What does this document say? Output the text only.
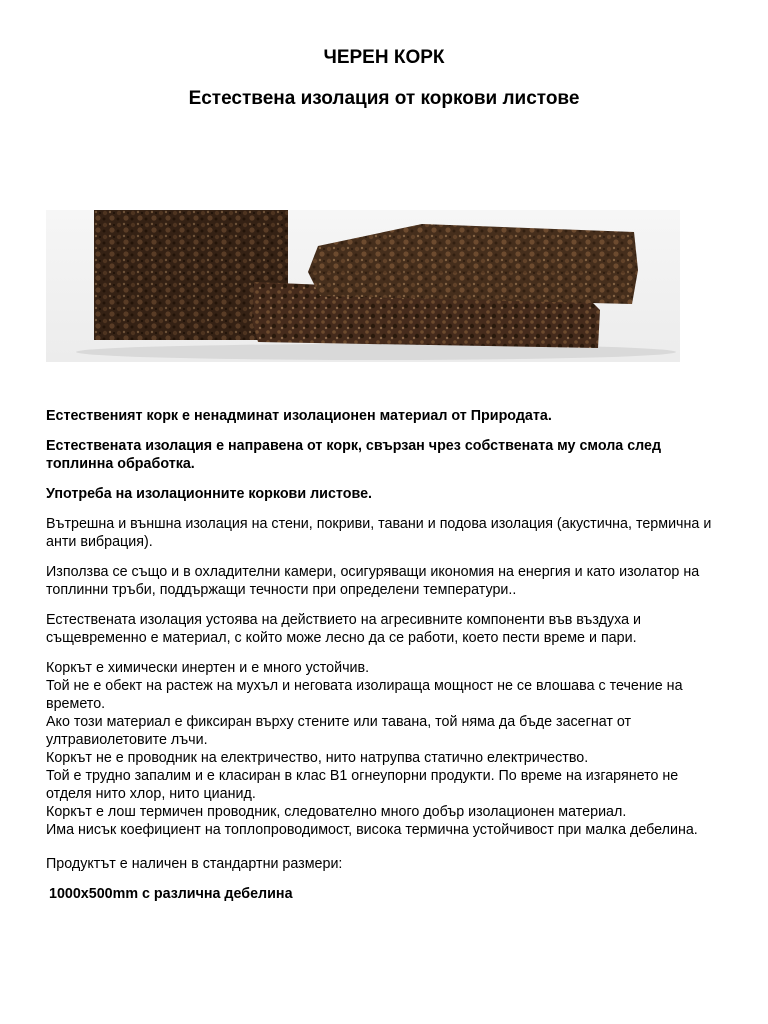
ЧЕРЕН КОРК
Естествена изолация от коркови листове

Естественият корк е ненадминат изолационен материал от Природата.

Естествената изолация е направена от корк, свързан чрез собствената му смола след топлинна обработка.

Употреба на изолационните коркови листове.

Вътрешна и външна изолация на стени, покриви, тавани и подова изолация (акустична, термична и анти вибрация).

Използва се също и в охладителни камери, осигуряващи икономия на енергия и като изолатор на топлинни тръби, поддържащи течности при определени температури..

Естествената изолация устоява на действието на агресивните компоненти във въздуха и същевременно е материал, с който може лесно да се работи, което пести време и пари.

Коркът е химически инертен и е много устойчив.

Той не е обект на растеж на мухъл и неговата изолираща мощност не се влошава с течение на времето.

Ако този материал е фиксиран върху стените или тавана, той няма да бъде засегнат от ултравиолетовите лъчи.

Коркът не е проводник на електричество, нито натрупва статично електричество.

Той е трудно запалим и е класиран в клас В1 огнеупорни продукти. По време на изгарянето не отделя нито хлор, нито цианид.

Коркът е лош термичен проводник, следователно много добър изолационен материал.

Има нисък коефициент на топлопроводимост, висока термична устойчивост при малка дебелина.

Продуктът е наличен в стандартни размери:

1000x500mm с различна дебелина
